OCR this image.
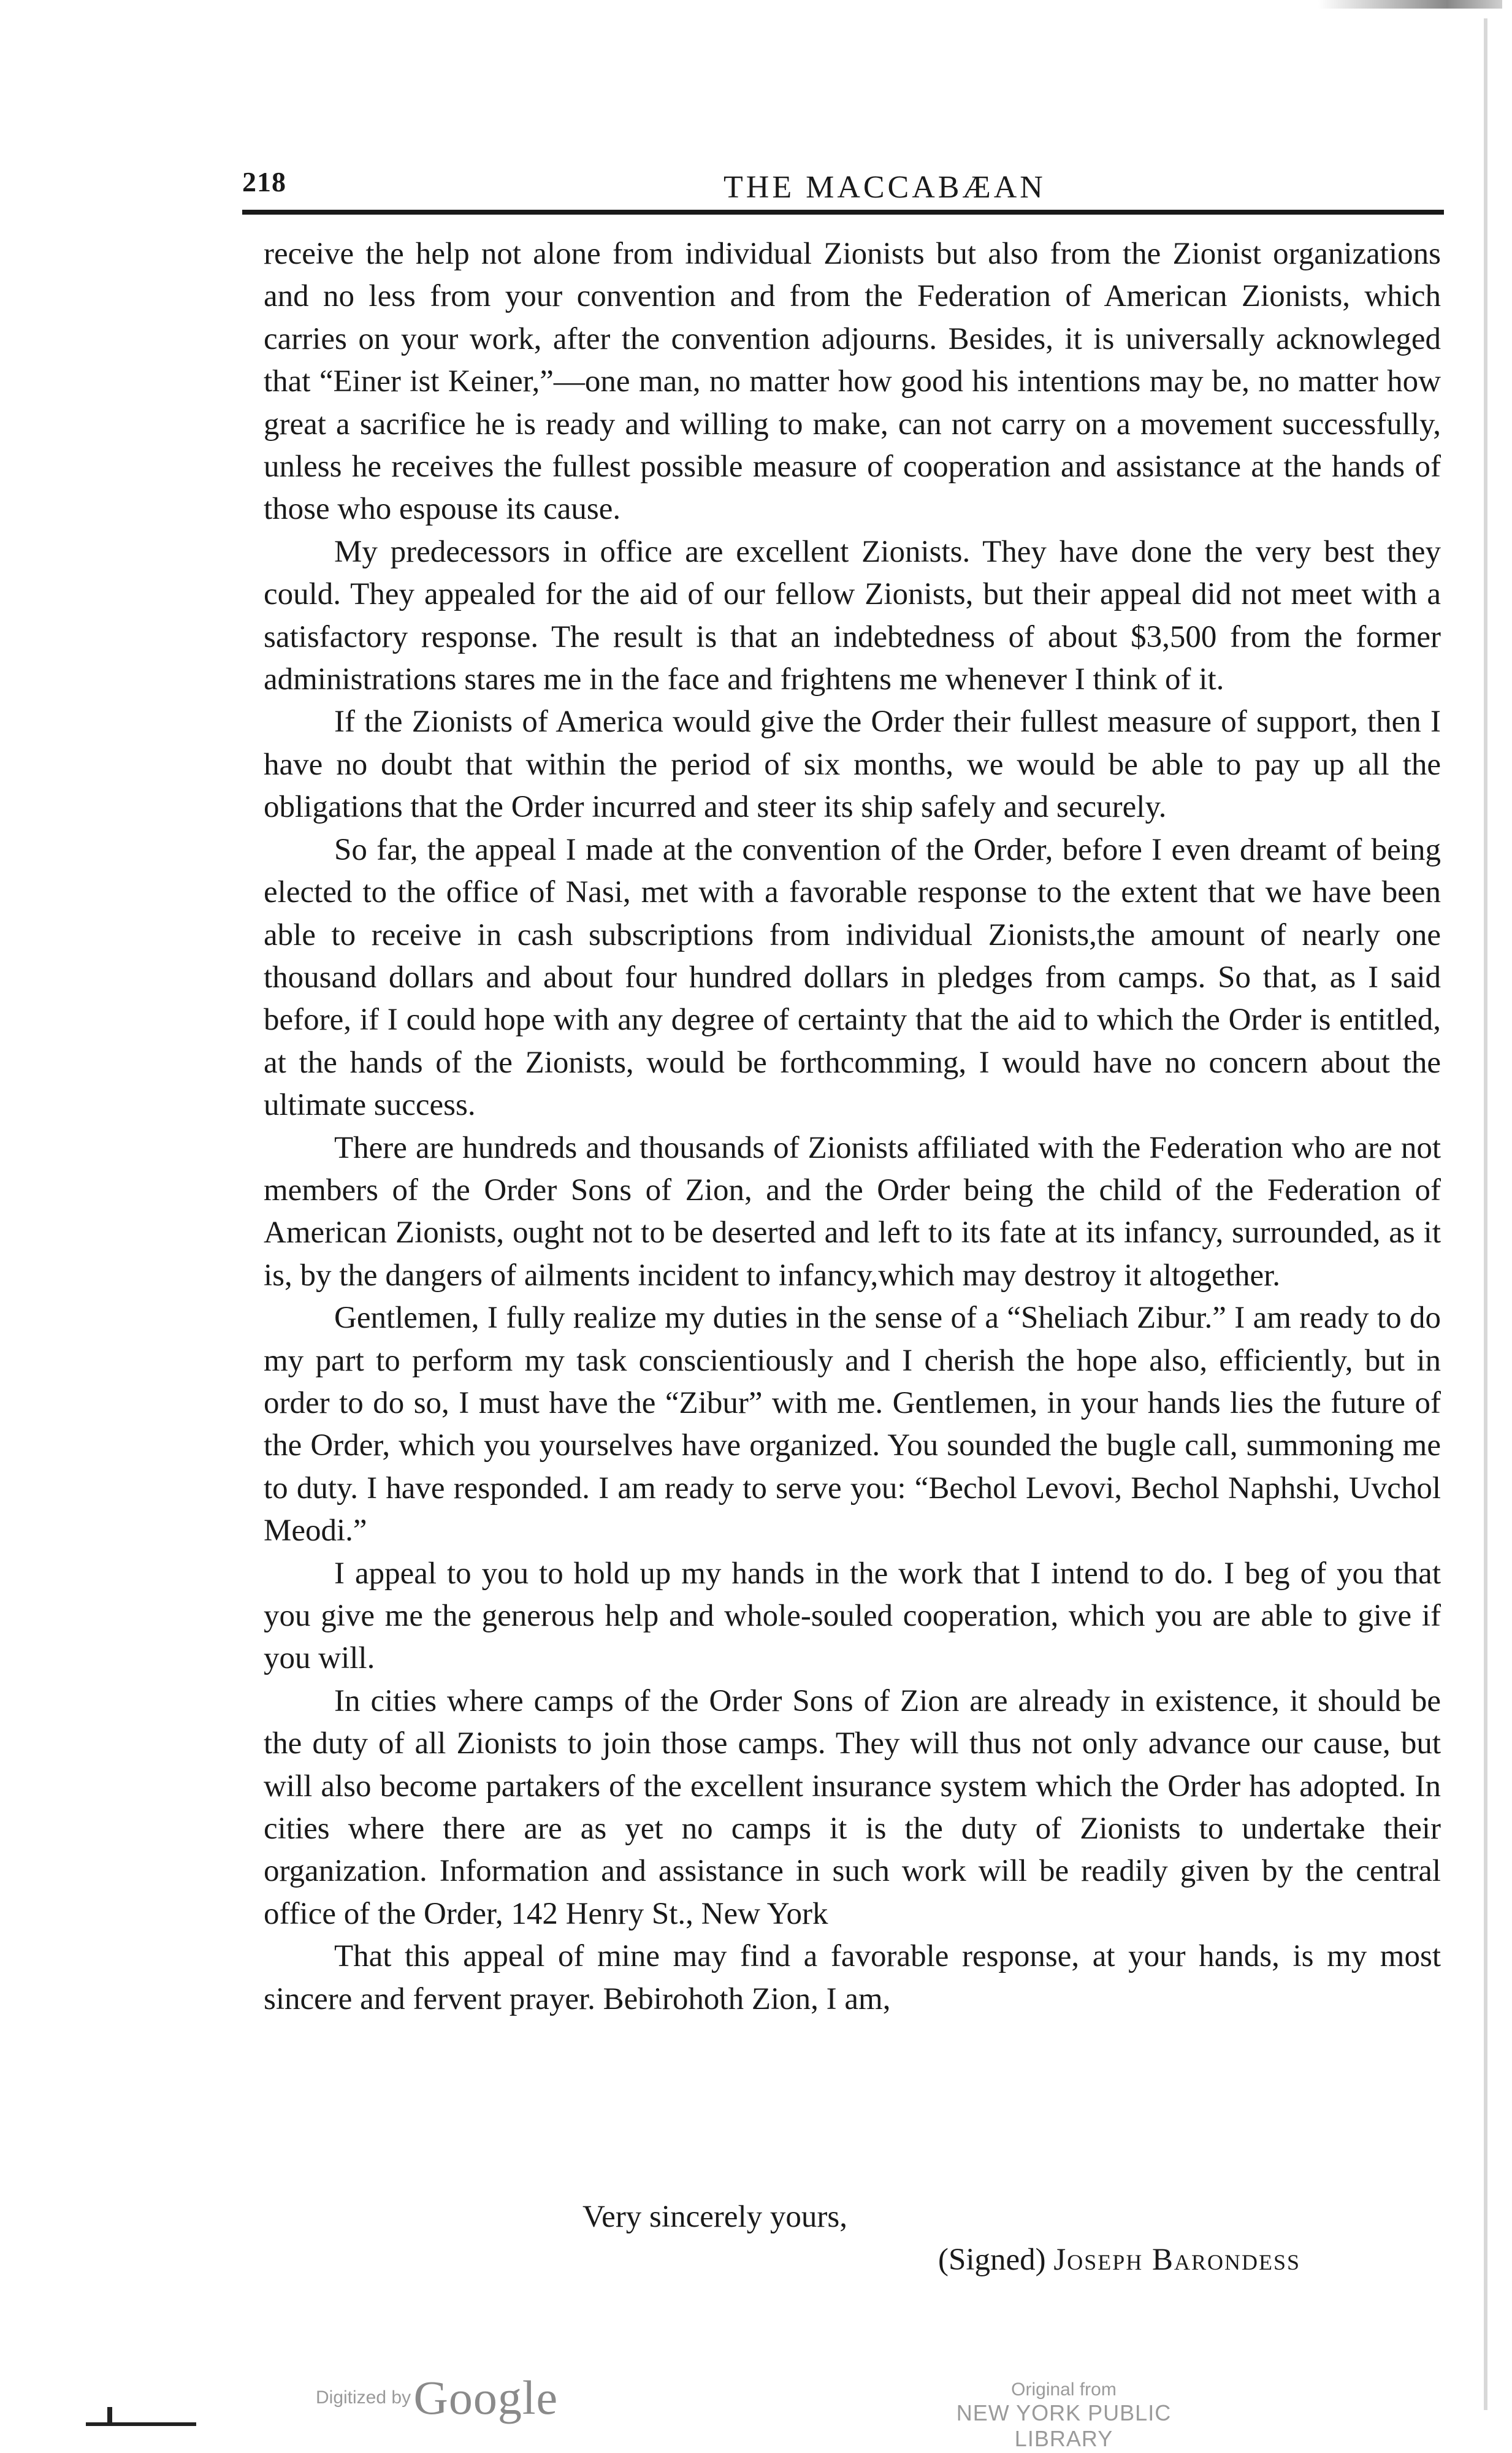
218	THE MACCABÆAN

receive the help not alone from individual Zionists but also from the Zionist organizations and no less from your convention and from the Federation of American Zionists, which carries on your work, after the convention adjourns. Besides, it is universally acknowleged that “Einer ist Keiner,”—one man, no matter how good his intentions may be, no matter how great a sacrifice he is ready and willing to make, can not carry on a movement successfully, unless he receives the fullest possible measure of cooperation and assistance at the hands of those who espouse its cause.

My predecessors in office are excellent Zionists. They have done the very best they could. They appealed for the aid of our fellow Zionists, but their appeal did not meet with a satisfactory response. The result is that an indebtedness of about $3,500 from the former administrations stares me in the face and frightens me whenever I think of it.

If the Zionists of America would give the Order their fullest measure of support, then I have no doubt that within the period of six months, we would be able to pay up all the obligations that the Order incurred and steer its ship safely and securely.

So far, the appeal I made at the convention of the Order, before I even dreamt of being elected to the office of Nasi, met with a favorable response to the extent that we have been able to receive in cash subscriptions from individual Zionists,the amount of nearly one thousand dollars and about four hundred dollars in pledges from camps. So that, as I said before, if I could hope with any degree of certainty that the aid to which the Order is entitled, at the hands of the Zionists, would be forthcomming, I would have no concern about the ultimate success.

There are hundreds and thousands of Zionists affiliated with the Federation who are not members of the Order Sons of Zion, and the Order being the child of the Federation of American Zionists, ought not to be deserted and left to its fate at its infancy, surrounded, as it is, by the dangers of ailments incident to infancy,which may destroy it altogether.

Gentlemen, I fully realize my duties in the sense of a “Sheliach Zibur.” I am ready to do my part to perform my task conscientiously and I cherish the hope also, efficiently, but in order to do so, I must have the “Zibur” with me. Gentlemen, in your hands lies the future of the Order, which you yourselves have organized. You sounded the bugle call, summoning me to duty. I have responded. I am ready to serve you: “Bechol Levovi, Bechol Naphshi, Uvchol Meodi.”

I appeal to you to hold up my hands in the work that I intend to do. I beg of you that you give me the generous help and whole-souled cooperation, which you are able to give if you will.

In cities where camps of the Order Sons of Zion are already in existence, it should be the duty of all Zionists to join those camps. They will thus not only advance our cause, but will also become partakers of the excellent insurance system which the Order has adopted. In cities where there are as yet no camps it is the duty of Zionists to undertake their organization. Information and assistance in such work will be readily given by the central office of the Order, 142 Henry St., New York

That this appeal of mine may find a favorable response, at your hands, is my most sincere and fervent prayer. Bebirohoth Zion, I am,

Very sincerely yours,
(Signed) Joseph Barondess
Digitized by Google	Original from
NEW YORK PUBLIC LIBRARY
